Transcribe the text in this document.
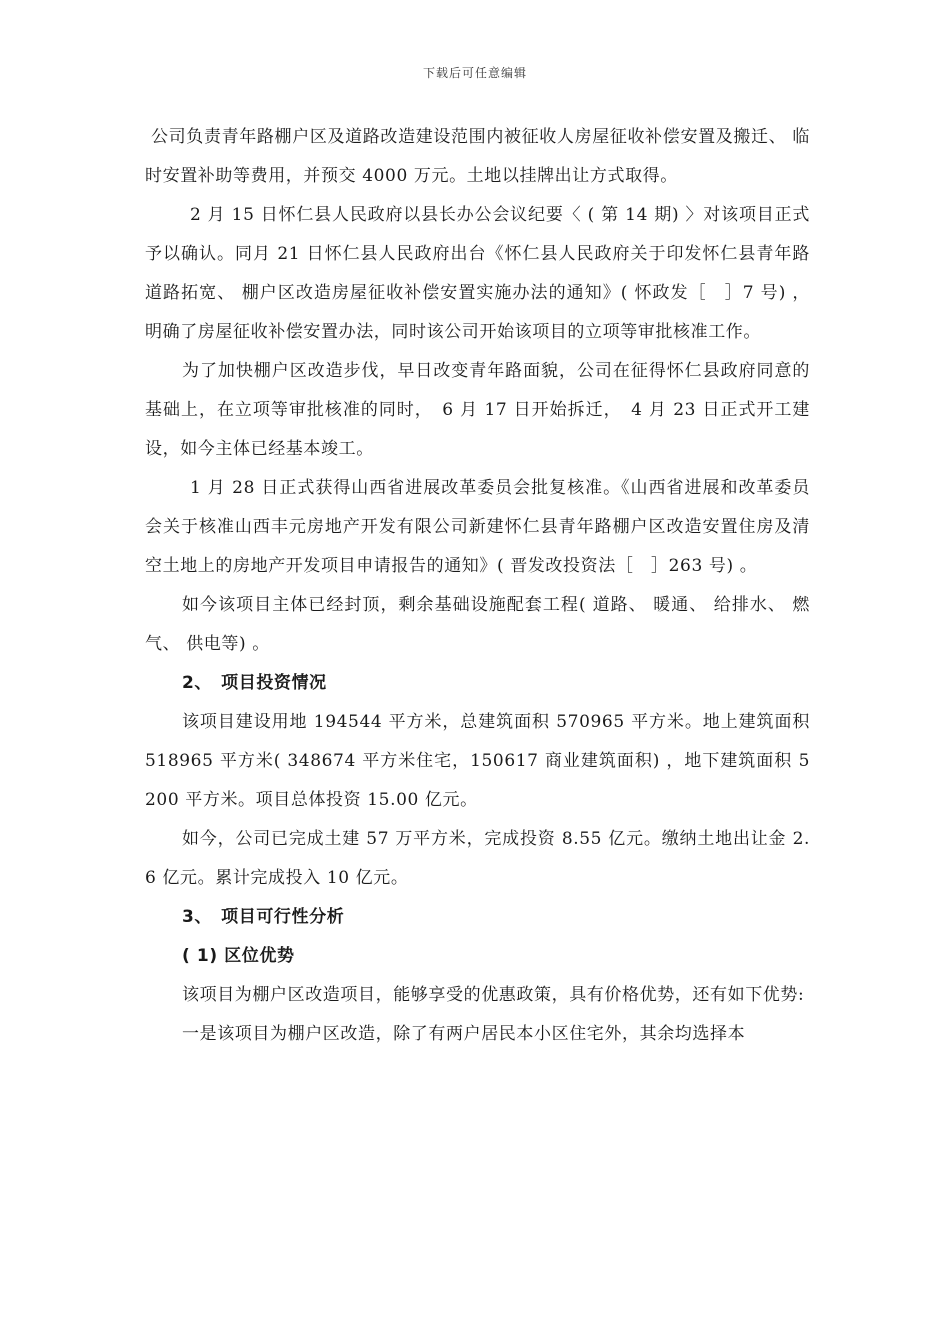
下载后可任意编辑

公司负责青年路棚户区及道路改造建设范围内被征收人房屋征收补偿安置及搬迁、 临时安置补助等费用，并预交 4000 万元。土地以挂牌出让方式取得。

2 月 15 日怀仁县人民政府以县长办公会议纪要〈 ( 第 14 期) 〉对该项目正式予以确认。同月 21 日怀仁县人民政府出台《怀仁县人民政府关于印发怀仁县青年路道路拓宽、 棚户区改造房屋征收补偿安置实施办法的通知》( 怀政发［　］7 号) ，明确了房屋征收补偿安置办法，同时该公司开始该项目的立项等审批核准工作。

为了加快棚户区改造步伐，早日改变青年路面貌，公司在征得怀仁县政府同意的基础上，在立项等审批核准的同时，　6 月 17 日开始拆迁，　4 月 23 日正式开工建设，如今主体已经基本竣工。

1 月 28 日正式获得山西省进展改革委员会批复核准。《山西省进展和改革委员会关于核准山西丰元房地产开发有限公司新建怀仁县青年路棚户区改造安置住房及清空土地上的房地产开发项目申请报告的通知》( 晋发改投资法［　］263 号) 。

如今该项目主体已经封顶，剩余基础设施配套工程( 道路、 暖通、 给排水、 燃气、 供电等) 。

2、　项目投资情况

该项目建设用地 194544 平方米，总建筑面积 570965 平方米。地上建筑面积 518965 平方米( 348674 平方米住宅，150617 商业建筑面积) ，地下建筑面积 5200 平方米。项目总体投资 15.00 亿元。

如今，公司已完成土建 57 万平方米，完成投资 8.55 亿元。缴纳土地出让金 2.6 亿元。累计完成投入 10 亿元。

3、　项目可行性分析

( 1) 区位优势

该项目为棚户区改造项目，能够享受的优惠政策，具有价格优势，还有如下优势:

一是该项目为棚户区改造，除了有两户居民本小区住宅外，其余均选择本
